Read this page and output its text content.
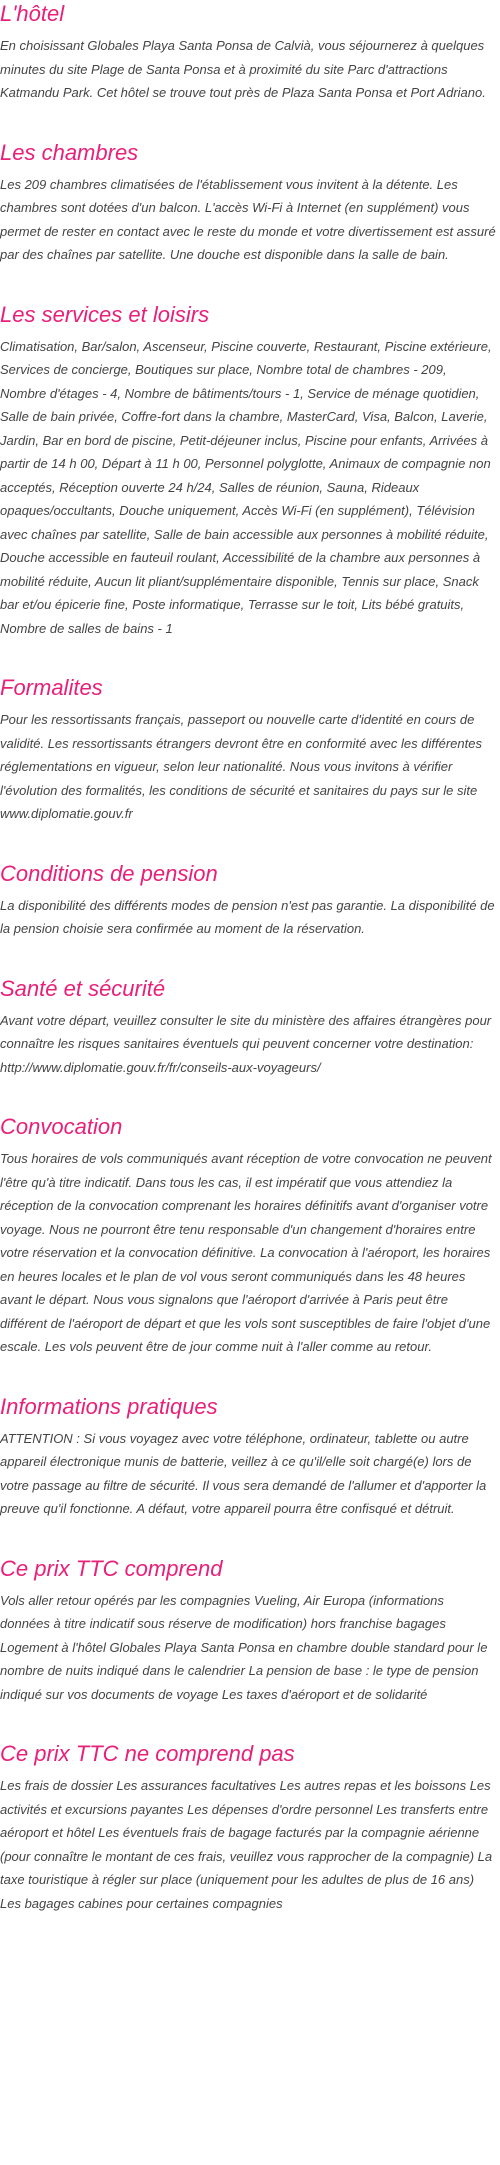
L'hôtel

En choisissant Globales Playa Santa Ponsa de Calvià, vous séjournerez à quelques minutes du site Plage de Santa Ponsa et à proximité du site Parc d'attractions Katmandu Park. Cet hôtel se trouve tout près de Plaza Santa Ponsa et Port Adriano.

Les chambres

Les 209 chambres climatisées de l'établissement vous invitent à la détente. Les chambres sont dotées d'un balcon. L'accès Wi-Fi à Internet (en supplément) vous permet de rester en contact avec le reste du monde et votre divertissement est assuré par des chaînes par satellite. Une douche est disponible dans la salle de bain.

Les services et loisirs

Climatisation, Bar/salon, Ascenseur, Piscine couverte, Restaurant, Piscine extérieure, Services de concierge, Boutiques sur place, Nombre total de chambres - 209, Nombre d'étages - 4, Nombre de bâtiments/tours - 1, Service de ménage quotidien, Salle de bain privée, Coffre-fort dans la chambre, MasterCard, Visa, Balcon, Laverie, Jardin, Bar en bord de piscine, Petit-déjeuner inclus, Piscine pour enfants, Arrivées à partir de 14 h 00, Départ à 11 h 00, Personnel polyglotte, Animaux de compagnie non acceptés, Réception ouverte 24 h/24, Salles de réunion, Sauna, Rideaux opaques/occultants, Douche uniquement, Accès Wi-Fi (en supplément), Télévision avec chaînes par satellite, Salle de bain accessible aux personnes à mobilité réduite, Douche accessible en fauteuil roulant, Accessibilité de la chambre aux personnes à mobilité réduite, Aucun lit pliant/supplémentaire disponible, Tennis sur place, Snack bar et/ou épicerie fine, Poste informatique, Terrasse sur le toit, Lits bébé gratuits, Nombre de salles de bains - 1

Formalites

Pour les ressortissants français, passeport ou nouvelle carte d'identité en cours de validité. Les ressortissants étrangers devront être en conformité avec les différentes réglementations en vigueur, selon leur nationalité. Nous vous invitons à vérifier l'évolution des formalités, les conditions de sécurité et sanitaires du pays sur le site www.diplomatie.gouv.fr

Conditions de pension

La disponibilité des différents modes de pension n'est pas garantie. La disponibilité de la pension choisie sera confirmée au moment de la réservation.

Santé et sécurité

Avant votre départ, veuillez consulter le site du ministère des affaires étrangères pour connaître les risques sanitaires éventuels qui peuvent concerner votre destination: http://www.diplomatie.gouv.fr/fr/conseils-aux-voyageurs/

Convocation

Tous horaires de vols communiqués avant réception de votre convocation ne peuvent l'être qu'à titre indicatif. Dans tous les cas, il est impératif que vous attendiez la réception de la convocation comprenant les horaires définitifs avant d'organiser votre voyage. Nous ne pourront être tenu responsable d'un changement d'horaires entre votre réservation et la convocation définitive. La convocation à l'aéroport, les horaires en heures locales et le plan de vol vous seront communiqués dans les 48 heures avant le départ. Nous vous signalons que l'aéroport d'arrivée à Paris peut être différent de l'aéroport de départ et que les vols sont susceptibles de faire l'objet d'une escale. Les vols peuvent être de jour comme nuit à l'aller comme au retour.

Informations pratiques

ATTENTION : Si vous voyagez avec votre téléphone, ordinateur, tablette ou autre appareil électronique munis de batterie, veillez à ce qu'il/elle soit chargé(e) lors de votre passage au filtre de sécurité. Il vous sera demandé de l'allumer et d'apporter la preuve qu'il fonctionne. A défaut, votre appareil pourra être confisqué et détruit.

Ce prix TTC comprend

Vols aller retour opérés par les compagnies Vueling, Air Europa (informations données à titre indicatif sous réserve de modification) hors franchise bagages Logement à l'hôtel Globales Playa Santa Ponsa en chambre double standard pour le nombre de nuits indiqué dans le calendrier La pension de base : le type de pension indiqué sur vos documents de voyage Les taxes d'aéroport et de solidarité

Ce prix TTC ne comprend pas

Les frais de dossier Les assurances facultatives Les autres repas et les boissons Les activités et excursions payantes Les dépenses d'ordre personnel Les transferts entre aéroport et hôtel Les éventuels frais de bagage facturés par la compagnie aérienne (pour connaître le montant de ces frais, veuillez vous rapprocher de la compagnie) La taxe touristique à régler sur place (uniquement pour les adultes de plus de 16 ans) Les bagages cabines pour certaines compagnies
